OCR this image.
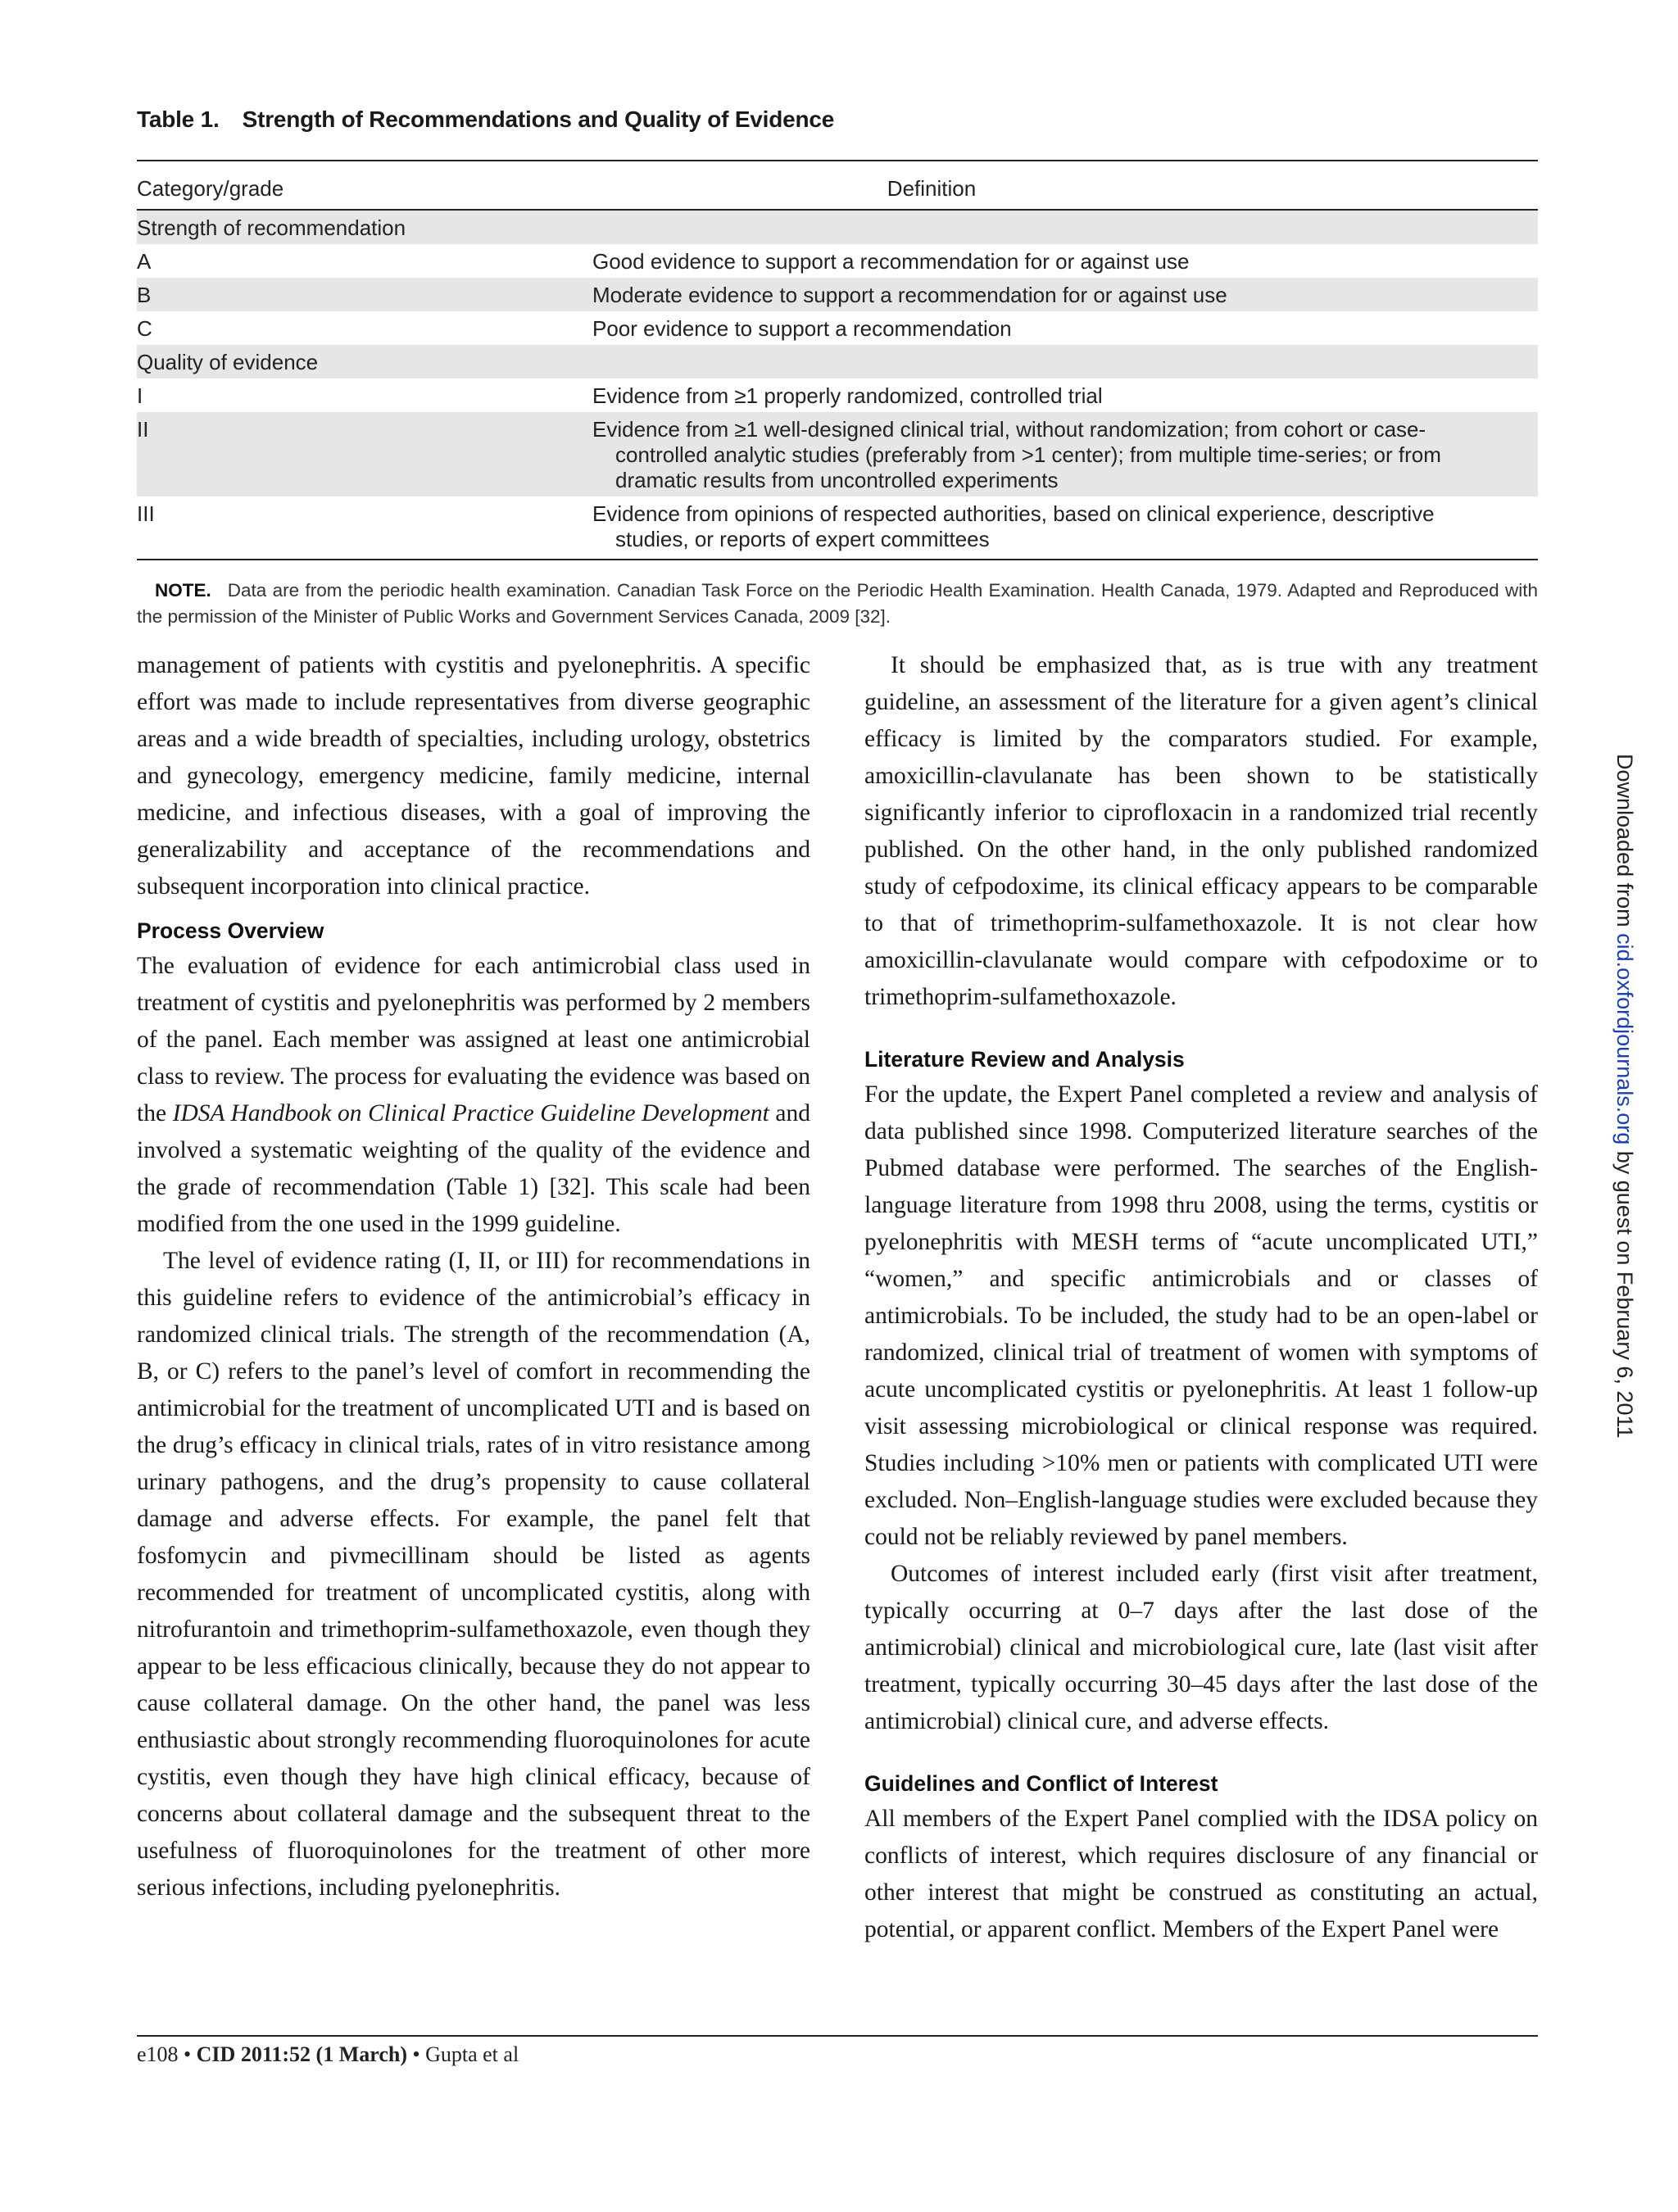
Table 1. Strength of Recommendations and Quality of Evidence
Category/grade	Definition
Strength of recommendation
A	Good evidence to support a recommendation for or against use
B	Moderate evidence to support a recommendation for or against use
C	Poor evidence to support a recommendation
Quality of evidence
I	Evidence from ≥1 properly randomized, controlled trial
II	Evidence from ≥1 well-designed clinical trial, without randomization; from cohort or case-
controlled analytic studies (preferably from >1 center); from multiple time-series; or from
dramatic results from uncontrolled experiments
III	Evidence from opinions of respected authorities, based on clinical experience, descriptive
studies, or reports of expert committees
NOTE. Data are from the periodic health examination. Canadian Task Force on the Periodic Health Examination. Health Canada, 1979. Adapted and Reproduced with the permission of the Minister of Public Works and Government Services Canada, 2009 [32].

management of patients with cystitis and pyelonephritis. A specific effort was made to include representatives from diverse geographic areas and a wide breadth of specialties, including urology, obstetrics and gynecology, emergency medicine, family medicine, internal medicine, and infectious diseases, with a goal of improving the generalizability and acceptance of the recommendations and subsequent incorporation into clinical practice.

Process Overview

The evaluation of evidence for each antimicrobial class used in treatment of cystitis and pyelonephritis was performed by 2 members of the panel. Each member was assigned at least one antimicrobial class to review. The process for evaluating the evidence was based on the IDSA Handbook on Clinical Practice Guideline Development and involved a systematic weighting of the quality of the evidence and the grade of recommendation (Table 1) [32]. This scale had been modified from the one used in the 1999 guideline.

The level of evidence rating (I, II, or III) for recommendations in this guideline refers to evidence of the antimicrobial’s efficacy in randomized clinical trials. The strength of the recommendation (A, B, or C) refers to the panel’s level of comfort in recommending the antimicrobial for the treatment of uncomplicated UTI and is based on the drug’s efficacy in clinical trials, rates of in vitro resistance among urinary pathogens, and the drug’s propensity to cause collateral damage and adverse effects. For example, the panel felt that fosfomycin and pivmecillinam should be listed as agents recommended for treatment of uncomplicated cystitis, along with nitrofurantoin and trimethoprim-sulfamethoxazole, even though they appear to be less efficacious clinically, because they do not appear to cause collateral damage. On the other hand, the panel was less enthusiastic about strongly recommending fluoroquinolones for acute cystitis, even though they have high clinical efficacy, because of concerns about collateral damage and the subsequent threat to the usefulness of fluoroquinolones for the treatment of other more serious infections, including pyelonephritis.

It should be emphasized that, as is true with any treatment guideline, an assessment of the literature for a given agent’s clinical efficacy is limited by the comparators studied. For example, amoxicillin-clavulanate has been shown to be statistically significantly inferior to ciprofloxacin in a randomized trial recently published. On the other hand, in the only published randomized study of cefpodoxime, its clinical efficacy appears to be comparable to that of trimethoprim-sulfamethoxazole. It is not clear how amoxicillin-clavulanate would compare with cefpodoxime or to trimethoprim-sulfamethoxazole.

Literature Review and Analysis

For the update, the Expert Panel completed a review and analysis of data published since 1998. Computerized literature searches of the Pubmed database were performed. The searches of the English-language literature from 1998 thru 2008, using the terms, cystitis or pyelonephritis with MESH terms of “acute uncomplicated UTI,” “women,” and specific antimicrobials and or classes of antimicrobials. To be included, the study had to be an open-label or randomized, clinical trial of treatment of women with symptoms of acute uncomplicated cystitis or pyelonephritis. At least 1 follow-up visit assessing microbiological or clinical response was required. Studies including >10% men or patients with complicated UTI were excluded. Non–English-language studies were excluded because they could not be reliably reviewed by panel members.

Outcomes of interest included early (first visit after treatment, typically occurring at 0–7 days after the last dose of the antimicrobial) clinical and microbiological cure, late (last visit after treatment, typically occurring 30–45 days after the last dose of the antimicrobial) clinical cure, and adverse effects.

Guidelines and Conflict of Interest

All members of the Expert Panel complied with the IDSA policy on conflicts of interest, which requires disclosure of any financial or other interest that might be construed as constituting an actual, potential, or apparent conflict. Members of the Expert Panel were

e108 • CID 2011:52 (1 March) • Gupta et al
Downloaded from cid.oxfordjournals.org by guest on February 6, 2011
